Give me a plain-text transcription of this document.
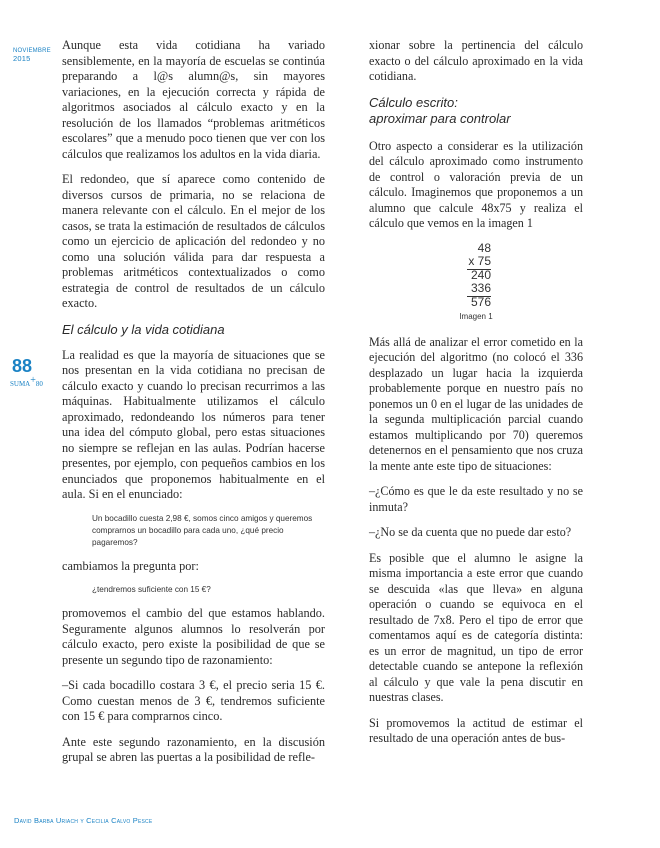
noviembre
2015
88
SUMA+80

Aunque esta vida cotidiana ha variado sensiblemente, en la mayoría de escuelas se continúa preparando a l@s alumn@s, sin mayores variaciones, en la ejecución correcta y rápida de algoritmos asociados al cálculo exacto y en la resolución de los llamados “problemas aritméticos escolares” que a menudo poco tienen que ver con los cálculos que realizamos los adultos en la vida diaria.

El redondeo, que sí aparece como contenido de diversos cursos de primaria, no se relaciona de manera relevante con el cálculo. En el mejor de los casos, se trata la estimación de resultados de cálculos como un ejercicio de aplicación del redondeo y no como una solución válida para dar respuesta a problemas aritméticos contextualizados o como estrategia de control de resultados de un cálculo exacto.

El cálculo y la vida cotidiana

La realidad es que la mayoría de situaciones que se nos presentan en la vida cotidiana no precisan de cálculo exacto y cuando lo precisan recurrimos a las máquinas. Habitualmente utilizamos el cálculo aproximado, redondeando los números para tener una idea del cómputo global, pero estas situaciones no siempre se reflejan en las aulas. Podrían hacerse presentes, por ejemplo, con pequeños cambios en los enunciados que proponemos habitualmente en el aula. Si en el enunciado:

Un bocadillo cuesta 2,98 €, somos cinco amigos y queremos comprarnos un bocadillo para cada uno, ¿qué precio pagaremos?

cambiamos la pregunta por:

¿tendremos suficiente con 15 €?

promovemos el cambio del que estamos hablando. Seguramente algunos alumnos lo resolverán por cálculo exacto, pero existe la posibilidad de que se presente un segundo tipo de razonamiento:

–Si cada bocadillo costara 3 €, el precio seria 15 €. Como cuestan menos de 3 €, tendremos suficiente con 15 € para comprarnos cinco.

Ante este segundo razonamiento, en la discusión grupal se abren las puertas a la posibilidad de refle-

xionar sobre la pertinencia del cálculo exacto o del cálculo aproximado en la vida cotidiana.

Cálculo escrito:
aproximar para controlar

Otro aspecto a considerar es la utilización del cálculo aproximado como instrumento de control o valoración previa de un cálculo. Imaginemos que proponemos a un alumno que calcule 48x75 y realiza el cálculo que vemos en la imagen 1

48
x 75
240
336
576
Imagen 1

Más allá de analizar el error cometido en la ejecución del algoritmo (no colocó el 336 desplazado un lugar hacia la izquierda probablemente porque en nuestro país no ponemos un 0 en el lugar de las unidades de la segunda multiplicación parcial cuando estamos multiplicando por 70) queremos detenernos en el pensamiento que nos cruza la mente ante este tipo de situaciones:

–¿Cómo es que le da este resultado y no se inmuta?

–¿No se da cuenta que no puede dar esto?

Es posible que el alumno le asigne la misma importancia a este error que cuando se descuida «las que lleva» en alguna operación o cuando se equivoca en el resultado de 7x8. Pero el tipo de error que comentamos aquí es de categoría distinta: es un error de magnitud, un tipo de error detectable cuando se antepone la reflexión al cálculo y que vale la pena discutir en nuestras clases.

Si promovemos la actitud de estimar el resultado de una operación antes de bus-

David Barba Uriach y Cecilia Calvo Pesce
